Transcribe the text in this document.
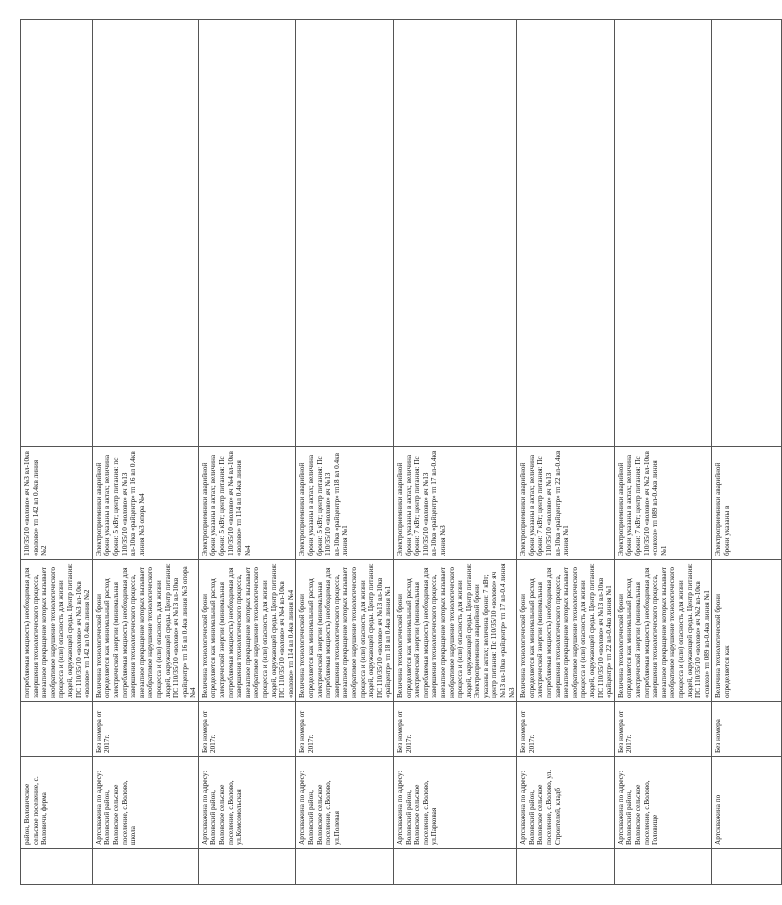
	район, Воловичское сельское поселение, с. Воловичи, ферма		потребляемая мощность) необходимая для завершения технологического процесса, внезапное прекращение которых вызывает необратимое нарушение технологического процесса и (или) опасность для жизни людей, окружающей среды. Центр питания: ПС 110/35/10 «волово» яч №3 вл-10кв «волово» тп 142 вл 0.4кв линия №2	110/35/10 «волово» яч №3 вл-10кв «волово» тп 142 вл 0.4кв линия №2	
	Артскважина по адресу: Воловский район, Воловское сельское поселение, с.Волово, школа	Без номера от 2017г.	Величина технологической брони определяется как минимальный расход электрической энергии (минимальная потребляемая мощность) необходимая для завершения технологического процесса, внезапное прекращение которых вызывает необратимое нарушение технологического процесса и (или) опасность для жизни людей, окружающей среды. Центр питания: ПС 110/35/10 «волово» яч №13 вл-10кв «райцентр» тп 16 вл 0.4кв линия №3 опора №4	Электроприемники аварийной брони указаны в актах; величина брони: 5 кВт; центр питания: пс 110/35/10 «волово» яч №13 вл-10кв «райцентр» тп 16 вл 0.4кв линия №3 опора №4	
	Артскважина по адресу: Воловский район, Воловское сельское поселение, с.Волово, ул.Комсомольская	Без номера от 2017г.	Величина технологической брони определяется как минимальный расход электрической энергии (минимальная потребляемая мощность) необходимая для завершения технологического процесса, внезапное прекращение которых вызывает необратимое нарушение технологического процесса и (или) опасность для жизни людей, окружающей среды. Центр питания: ПС 110/35/10 «волово» яч №4 вл-10кв «волово» тп 114 вл 0.4кв линия №4	Электроприемники аварийной брони указаны в актах; величина брони: 5 кВт; центр питания: Пс 110/35/10 «волово» яч №4 вл-10кв «волово» тп 114 вл 0.4кв линия №4	
	Артскважина по адресу: Воловский район, Воловское сельское поселение, с.Волово, ул.Полевая	Без номера от 2017г.	Величина технологической брони определяется как минимальный расход электрической энергии (минимальная потребляемая мощность) необходимая для завершения технологического процесса, внезапное прекращение которых вызывает необратимое нарушение технологического процесса и (или) опасность для жизни людей, окружающей среды. Центр питания: ПС 110/35/10 «волово» яч №13 вл-10кв «райцентр» тп 18 вл 0.4кв линия №1	Электроприемники аварийной брони указаны в актах; величина брони: 5 кВт; центр питания: Пс 110/35/10 «волово» яч №13 вл-10кв «райцентр» тп18 вл 0.4кв линия №1	
	Артскважина по адресу: Воловский район, Воловское сельское поселение, с.Волово, ул.Парковая	Без номера от 2017г.	Величина технологической брони определяется как минимальный расход электрической энергии (минимальная потребляемая мощность) необходимая для завершения технологического процесса, внезапное прекращение которых вызывает необратимое нарушение технологического процесса и (или) опасность для жизни людей, окружающей среды. Центр питания: Электроприемники аварийной брони указаны в актах; величина брони: 7 кВт; центр питания: Пс 110/35/10 «волово» яч №13 вл-10кв «райцентр» тп 17 вл-0.4 линия №3	Электроприемники аварийной брони указаны в актах; величина брони: 7 кВт; центр питания: Пс 110/35/10 «волово» яч №13 вл-10кв «райцентр» тп 17 вл-0.4кв линия №3	
	Артскважина по адресу: Воловский район, Воловское сельское поселение, с.Волово, ул. Строителей, кладб	Без номера от 2017г.	Величина технологической брони определяется как минимальный расход электрической энергии (минимальная потребляемая мощность) необходимая для завершения технологического процесса, внезапное прекращение которых вызывает необратимое нарушение технологического процесса и (или) опасность для жизни людей, окружающей среды. Центр питания: ПС 110/35/10 «волово» яч №13 вл-10кв «райцентр» тп 22 вл-0.4кв линия №1	Электроприемники аварийной брони указаны в актах; величина брони: 7 кВт; центр питания: Пс 110/35/10 «волово» яч №13 вл-10кв «райцентр» тп 22 вл-0.4кв линия №1	
	Артскважина по адресу: Воловский район, Воловское сельское поселение, с.Волово, Головище	Без номера от 2017г.	Величина технологической брони определяется как минимальный расход электрической энергии (минимальная потребляемая мощность) необходимая для завершения технологического процесса, внезапное прекращение которых вызывает необратимое нарушение технологического процесса и (или) опасность для жизни людей, окружающей среды. Центр питания: ПС 110/35/10 «волово» яч №2 вл-10кв «совхоз» тп 089 вл-0.4кв линия №1	Электроприемники аварийной брони указаны в актах; величина брони: 7 кВт; центр питания: Пс 110/35/10 «волово» яч №2 вл-10кв «совхоз» тп 089 вл-0.4кв линия №1	
	Артскважина по	Без номера	Величина технологической брони определяется как	Электроприемники аварийной брони указаны в	
